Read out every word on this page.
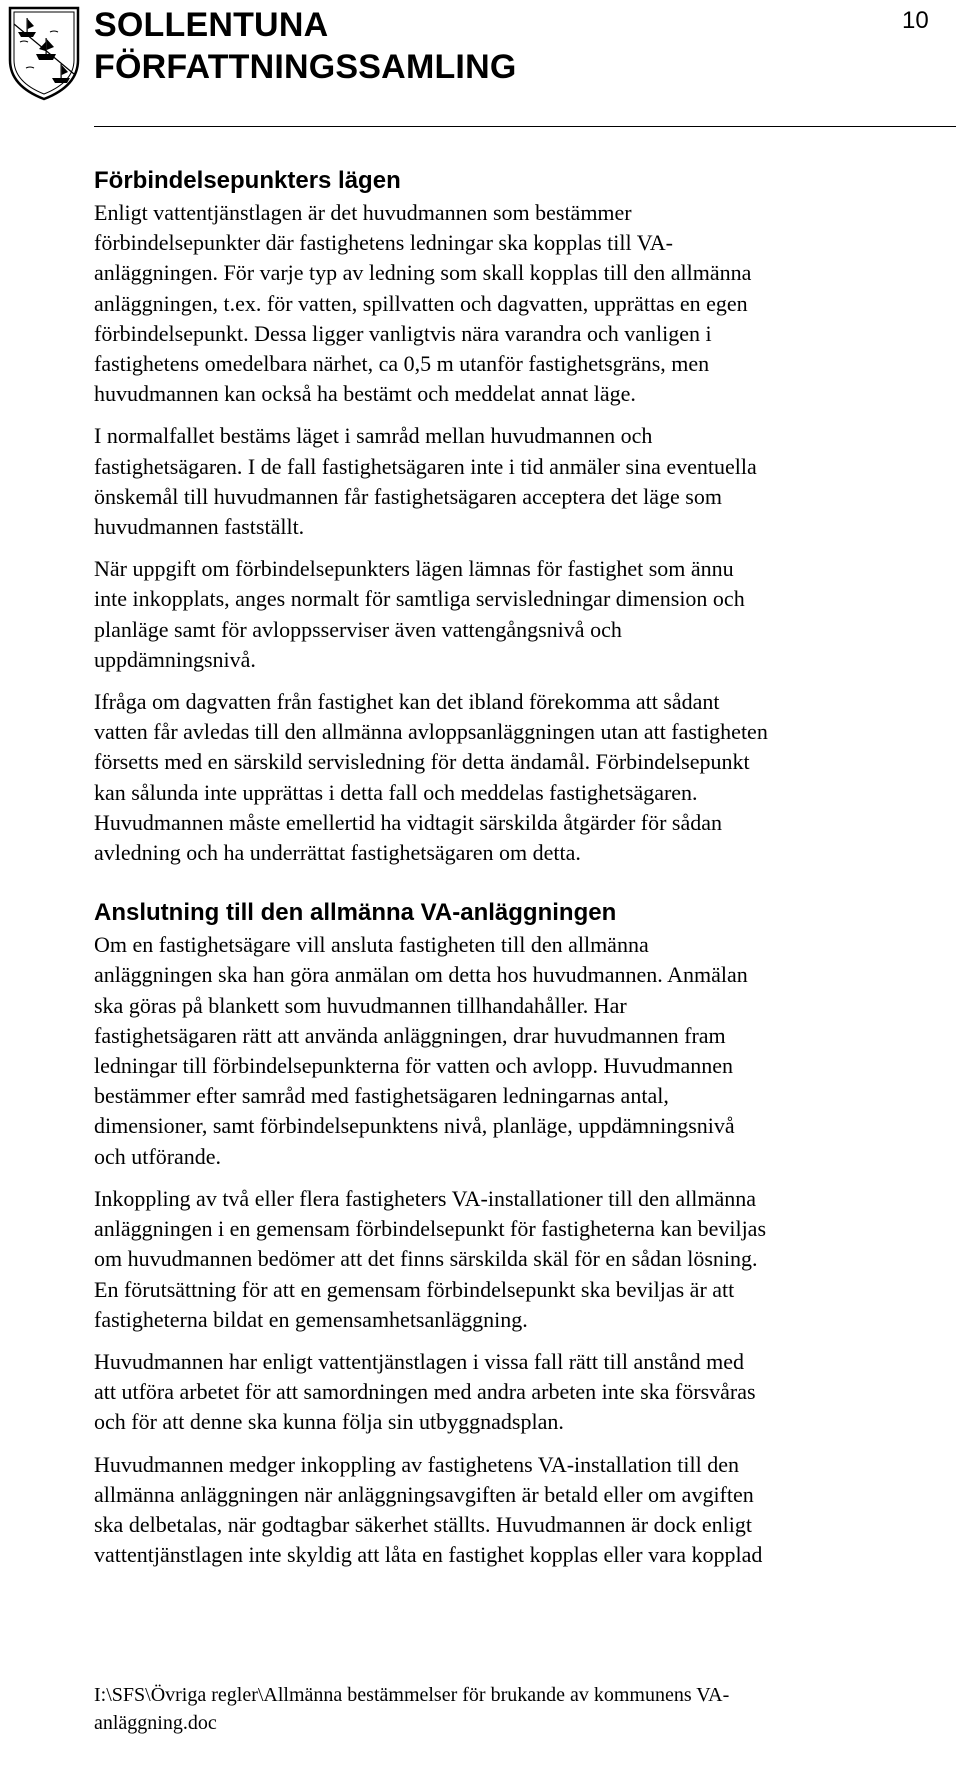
SOLLENTUNA
FÖRFATTNINGSSAMLING
10
Förbindelsepunkters lägen

Enligt vattentjänstlagen är det huvudmannen som bestämmer
förbindelsepunkter där fastighetens ledningar ska kopplas till VA-
anläggningen. För varje typ av ledning som skall kopplas till den allmänna
anläggningen, t.ex. för vatten, spillvatten och dagvatten, upprättas en egen
förbindelsepunkt. Dessa ligger vanligtvis nära varandra och vanligen i
fastighetens omedelbara närhet, ca 0,5 m utanför fastighetsgräns, men
huvudmannen kan också ha bestämt och meddelat annat läge.

I normalfallet bestäms läget i samråd mellan huvudmannen och
fastighetsägaren. I de fall fastighetsägaren inte i tid anmäler sina eventuella
önskemål till huvudmannen får fastighetsägaren acceptera det läge som
huvudmannen fastställt.

När uppgift om förbindelsepunkters lägen lämnas för fastighet som ännu
inte inkopplats, anges normalt för samtliga servisledningar dimension och
planläge samt för avloppsserviser även vattengångsnivå och
uppdämningsnivå.

Ifråga om dagvatten från fastighet kan det ibland förekomma att sådant
vatten får avledas till den allmänna avloppsanläggningen utan att fastigheten
försetts med en särskild servisledning för detta ändamål. Förbindelsepunkt
kan sålunda inte upprättas i detta fall och meddelas fastighetsägaren.
Huvudmannen måste emellertid ha vidtagit särskilda åtgärder för sådan
avledning och ha underrättat fastighetsägaren om detta.

Anslutning till den allmänna VA-anläggningen

Om en fastighetsägare vill ansluta fastigheten till den allmänna
anläggningen ska han göra anmälan om detta hos huvudmannen. Anmälan
ska göras på blankett som huvudmannen tillhandahåller. Har
fastighetsägaren rätt att använda anläggningen, drar huvudmannen fram
ledningar till förbindelsepunkterna för vatten och avlopp. Huvudmannen
bestämmer efter samråd med fastighetsägaren ledningarnas antal,
dimensioner, samt förbindelsepunktens nivå, planläge, uppdämningsnivå
och utförande.

Inkoppling av två eller flera fastigheters VA-installationer till den allmänna
anläggningen i en gemensam förbindelsepunkt för fastigheterna kan beviljas
om huvudmannen bedömer att det finns särskilda skäl för en sådan lösning.
En förutsättning för att en gemensam förbindelsepunkt ska beviljas är att
fastigheterna bildat en gemensamhetsanläggning.

Huvudmannen har enligt vattentjänstlagen i vissa fall rätt till anstånd med
att utföra arbetet för att samordningen med andra arbeten inte ska försvåras
och för att denne ska kunna följa sin utbyggnadsplan.

Huvudmannen medger inkoppling av fastighetens VA-installation till den
allmänna anläggningen när anläggningsavgiften är betald eller om avgiften
ska delbetalas, när godtagbar säkerhet ställts. Huvudmannen är dock enligt
vattentjänstlagen inte skyldig att låta en fastighet kopplas eller vara kopplad

I:\SFS\Övriga regler\Allmänna bestämmelser för brukande av kommunens VA-
anläggning.doc
